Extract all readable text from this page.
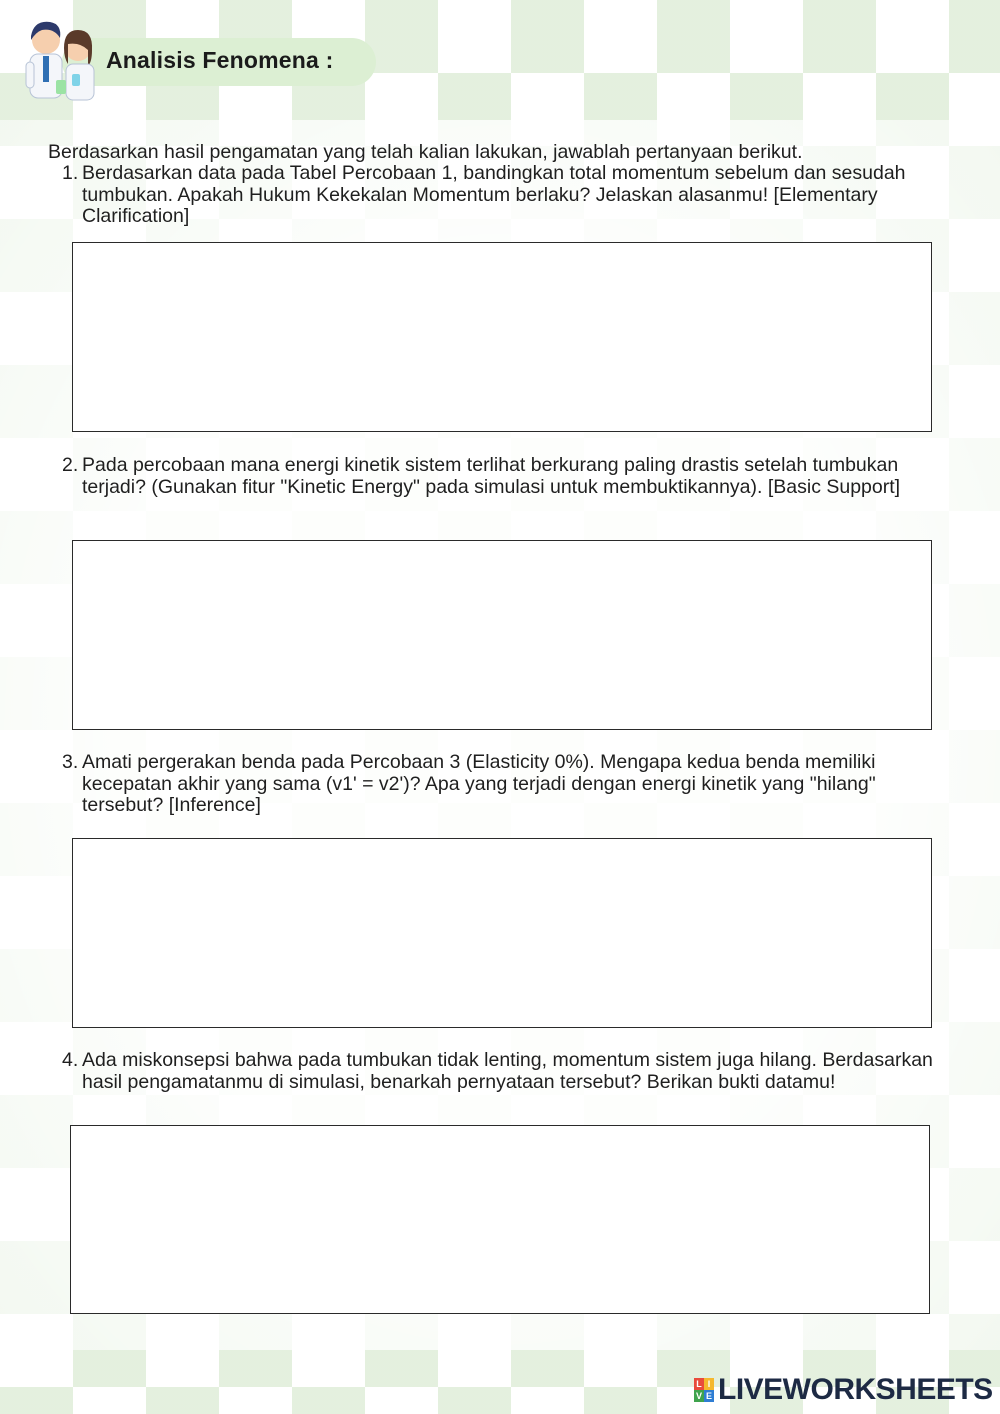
Analisis Fenomena :

Berdasarkan hasil pengamatan yang telah kalian lakukan, jawablah pertanyaan berikut.

1. Berdasarkan data pada Tabel Percobaan 1, bandingkan total momentum sebelum dan sesudah tumbukan. Apakah Hukum Kekekalan Momentum berlaku? Jelaskan alasanmu! [Elementary Clarification]
2. Pada percobaan mana energi kinetik sistem terlihat berkurang paling drastis setelah tumbukan terjadi? (Gunakan fitur "Kinetic Energy" pada simulasi untuk membuktikannya). [Basic Support]
3. Amati pergerakan benda pada Percobaan 3 (Elasticity 0%). Mengapa kedua benda memiliki kecepatan akhir yang sama (v1' = v2')? Apa yang terjadi dengan energi kinetik yang "hilang" tersebut? [Inference]
4. Ada miskonsepsi bahwa pada tumbukan tidak lenting, momentum sistem juga hilang. Berdasarkan hasil pengamatanmu di simulasi, benarkah pernyataan tersebut? Berikan bukti datamu!
L I
V E LIVEWORKSHEETS
